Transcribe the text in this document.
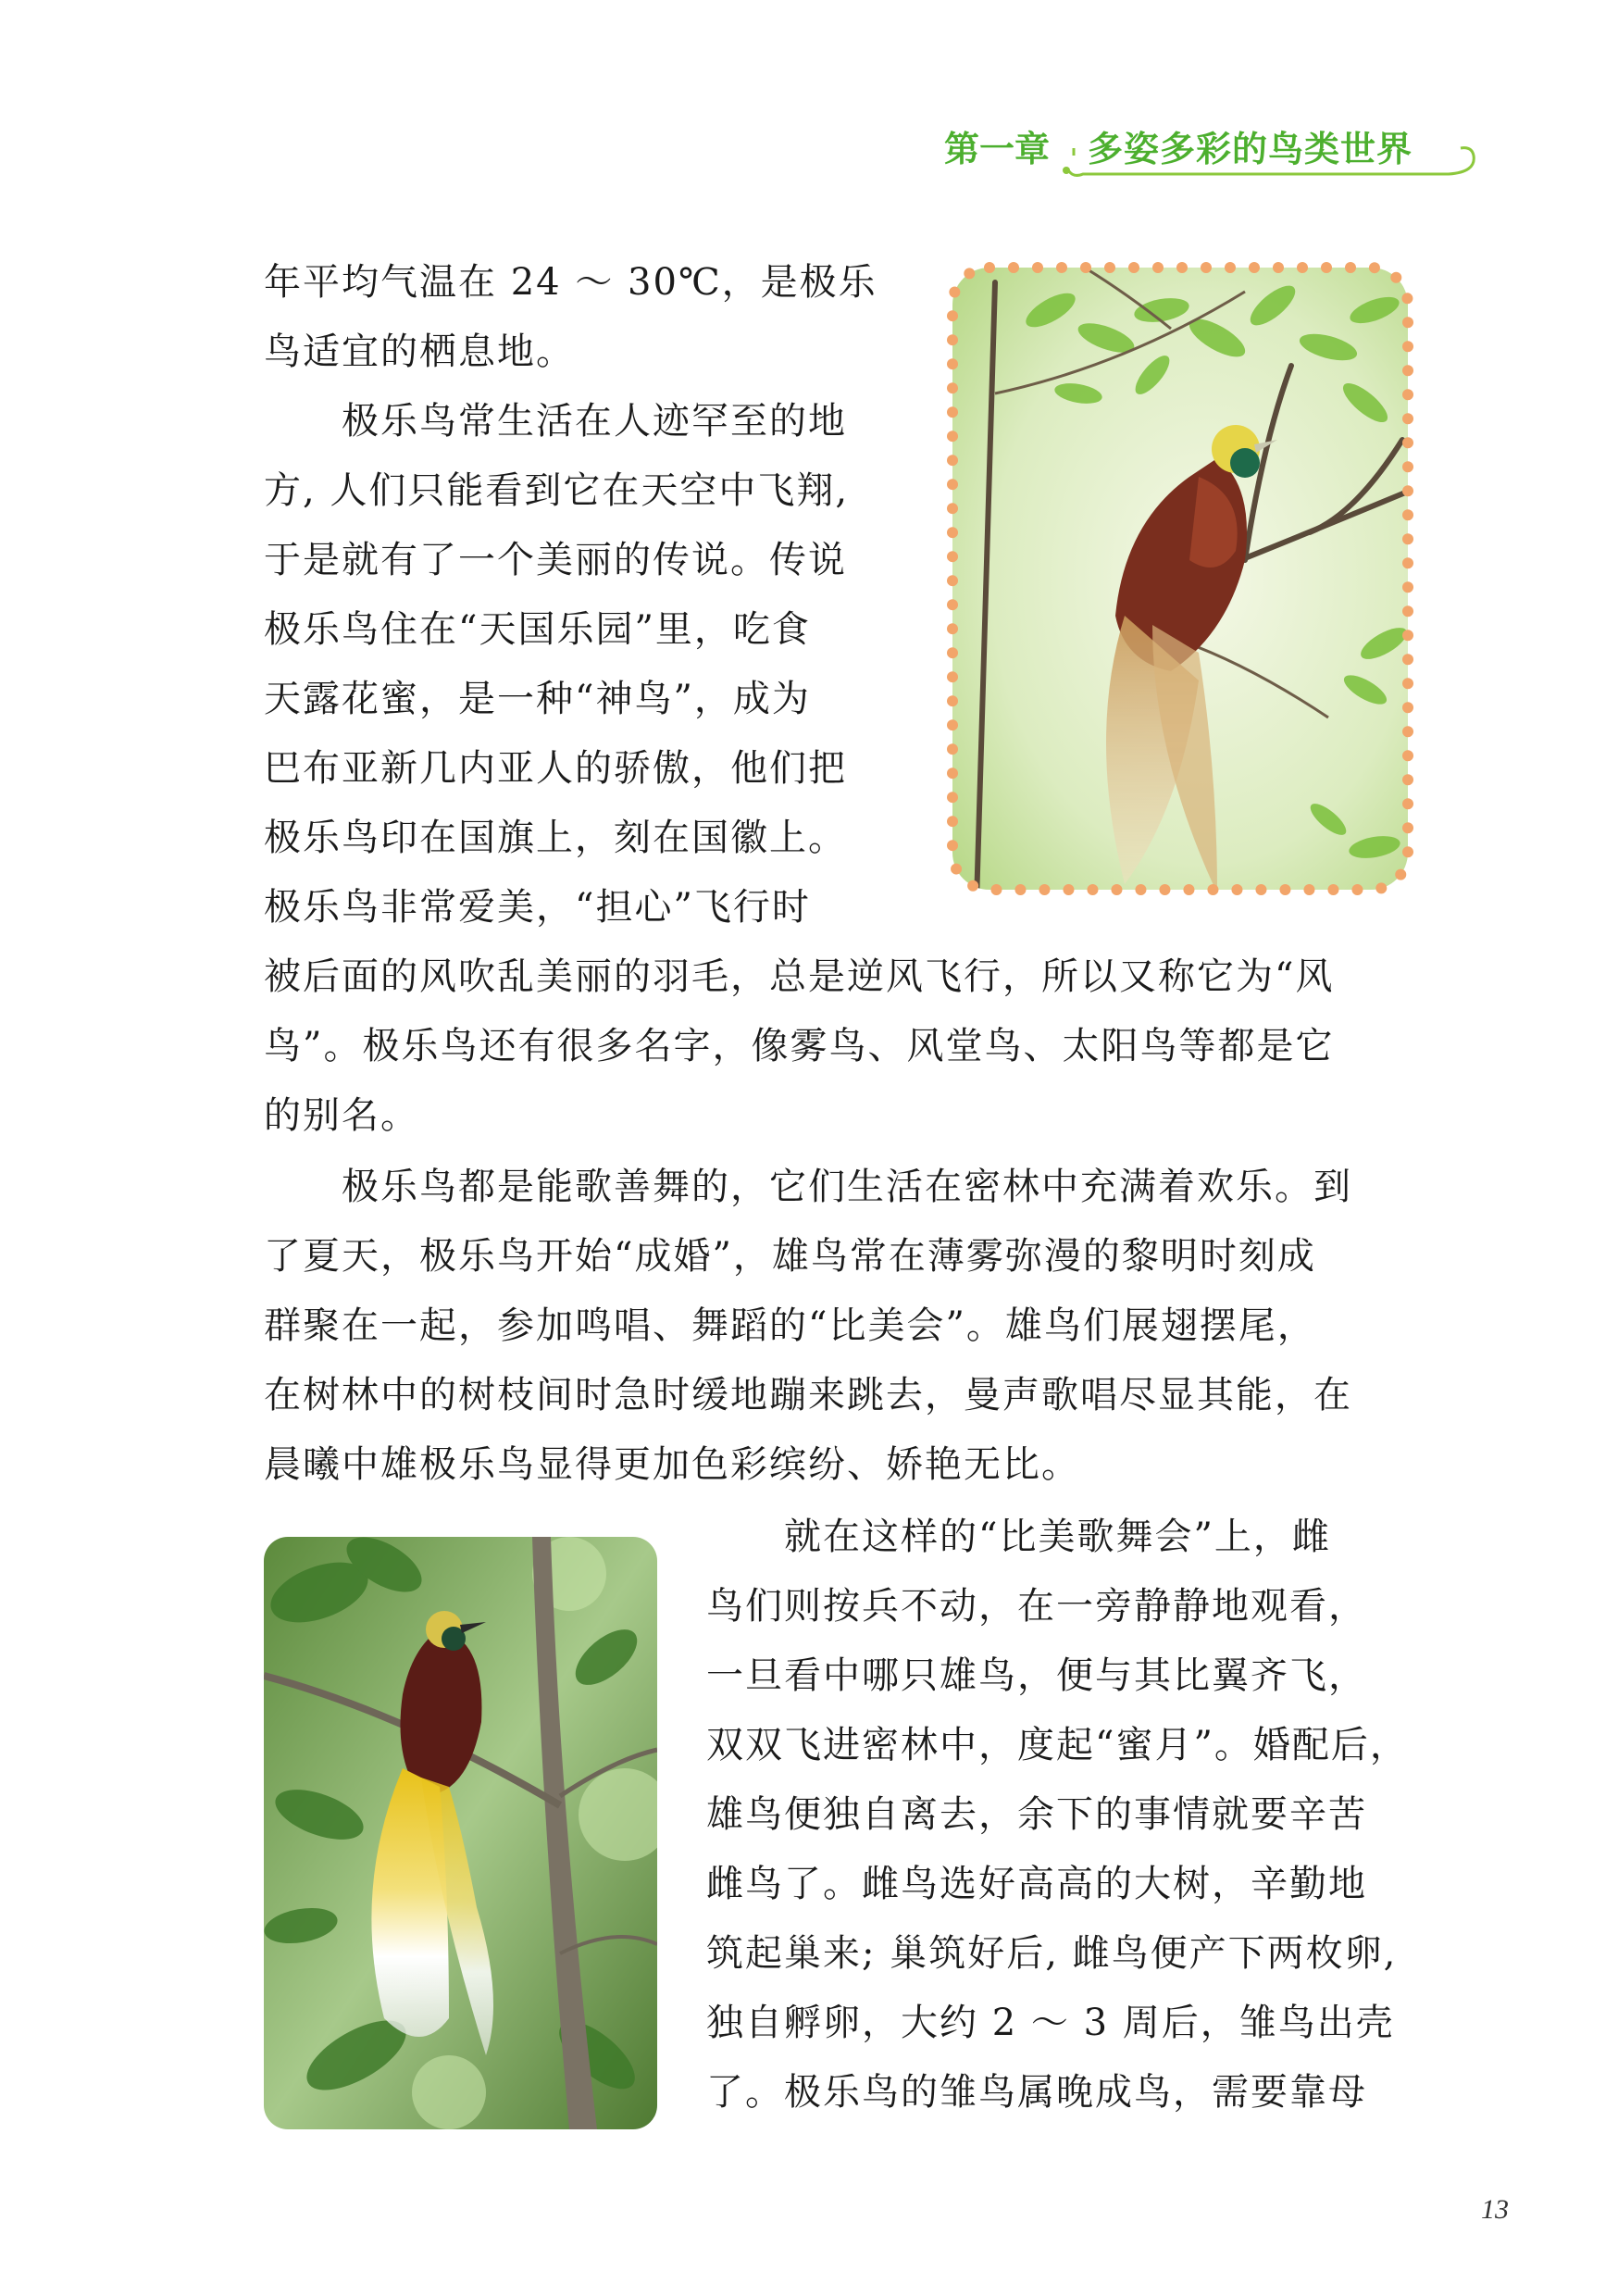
第一章 多姿多彩的鸟类世界
年平均气温在 24 ～ 30℃，是极乐
鸟适宜的栖息地。
　　极乐鸟常生活在人迹罕至的地
方, 人们只能看到它在天空中飞翔,
于是就有了一个美丽的传说。传说
极乐鸟住在“天国乐园”里，吃食
天露花蜜，是一种“神鸟”，成为
巴布亚新几内亚人的骄傲，他们把
极乐鸟印在国旗上，刻在国徽上。
极乐鸟非常爱美，“担心”飞行时
被后面的风吹乱美丽的羽毛，总是逆风飞行，所以又称它为“风
鸟”。极乐鸟还有很多名字，像雾鸟、风堂鸟、太阳鸟等都是它
的别名。
　　极乐鸟都是能歌善舞的，它们生活在密林中充满着欢乐。到
了夏天，极乐鸟开始“成婚”，雄鸟常在薄雾弥漫的黎明时刻成
群聚在一起，参加鸣唱、舞蹈的“比美会”。雄鸟们展翅摆尾，
在树林中的树枝间时急时缓地蹦来跳去，曼声歌唱尽显其能，在
晨曦中雄极乐鸟显得更加色彩缤纷、娇艳无比。
　　就在这样的“比美歌舞会”上，雌
鸟们则按兵不动，在一旁静静地观看，
一旦看中哪只雄鸟，便与其比翼齐飞，
双双飞进密林中，度起“蜜月”。婚配后，
雄鸟便独自离去，余下的事情就要辛苦
雌鸟了。雌鸟选好高高的大树，辛勤地
筑起巢来; 巢筑好后, 雌鸟便产下两枚卵,
独自孵卵，大约 2 ～ 3 周后，雏鸟出壳
了。极乐鸟的雏鸟属晚成鸟，需要靠母
13
